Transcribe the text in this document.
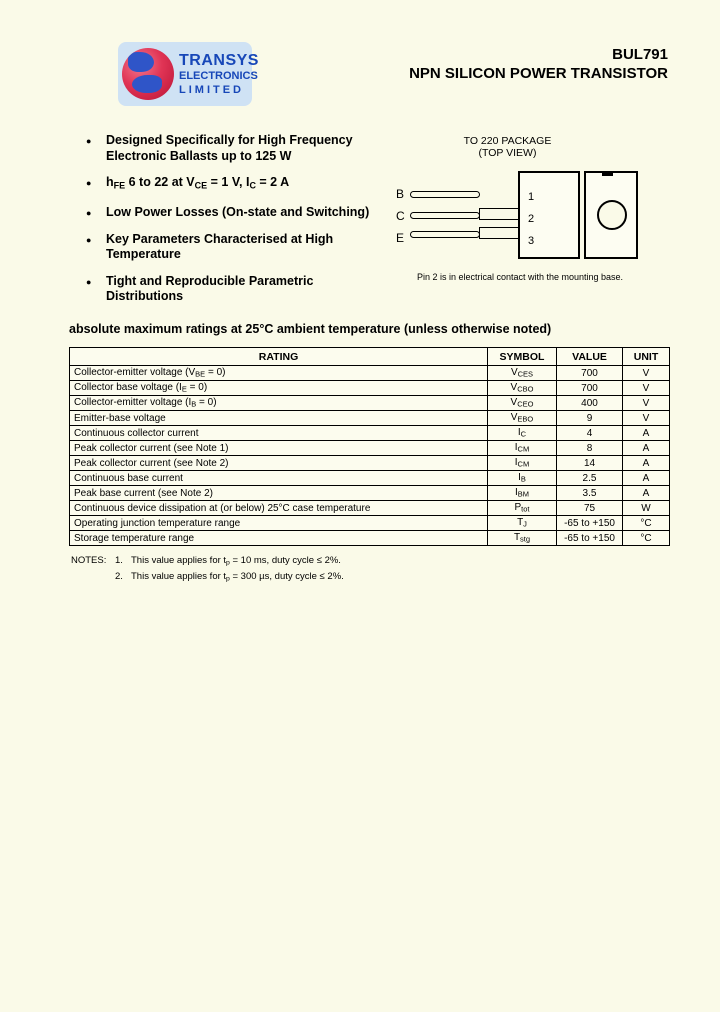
TRANSYS
ELECTRONICS
LIMITED
BUL791
NPN SILICON POWER TRANSISTOR
●	Designed Specifically for High Frequency
Electronic Ballasts up to 125 W
●	$h_{FE}$ 6 to 22 at $V_{CE} = 1$ V, $I_C = 2$ A
●	Low Power Losses (On-state and Switching)
●	Key Parameters Characterised at High
Temperature
●	Tight and Reproducible Parametric
Distributions
TO 220 PACKAGE
(TOP VIEW)
B	1
C	2
E	3
Pin 2 is in electrical contact with the mounting base.
absolute maximum ratings at 25°C ambient temperature (unless otherwise noted)
RATING	SYMBOL	VALUE	UNIT
Collector-emitter voltage $(V_{BE} = 0)$	$V_{CES}$	700	V
Collector base voltage $(I_E = 0)$	$V_{CBO}$	700	V
Collector-emitter voltage $(I_B = 0)$	$V_{CEO}$	400	V
Emitter-base voltage	$V_{EBO}$	9	V
Continuous collector current	$I_C$	4	A
Peak collector current (see Note 1)	$I_{CM}$	8	A
Peak collector current (see Note 2)	$I_{CM}$	14	A
Continuous base current	$I_B$	2.5	A
Peak base current (see Note 2)	$I_{BM}$	3.5	A
Continuous device dissipation at (or below) 25°C case temperature	$P_{tot}$	75	W
Operating junction temperature range	$T_J$	-65 to +150	°C
Storage temperature range	$T_{stg}$	-65 to +150	°C
NOTES: 1. This value applies for $t_p = 10$ ms, duty cycle ≤ 2%.
2. This value applies for $t_p = 300$ µs, duty cycle ≤ 2%.
